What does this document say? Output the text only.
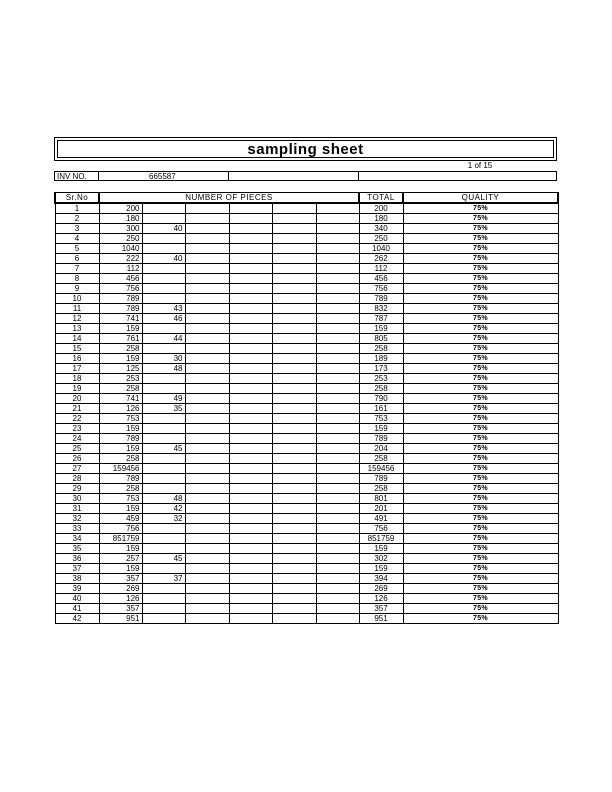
sampling sheet
1 of 15
INV NO.	665587
Sr.No	NUMBER OF PIECES						TOTAL	QUALITY
1	200						200	75%
2	180						180	75%
3	300	40					340	75%
4	250						250	75%
5	1040						1040	75%
6	222	40					262	75%
7	112						112	75%
8	456						456	75%
9	756						756	75%
10	789						789	75%
11	789	43					832	75%
12	741	46					787	75%
13	159						159	75%
14	761	44					805	75%
15	258						258	75%
16	159	30					189	75%
17	125	48					173	75%
18	253						253	75%
19	258						258	75%
20	741	49					790	75%
21	126	35					161	75%
22	753						753	75%
23	159						159	75%
24	789						789	75%
25	159	45					204	75%
26	258						258	75%
27	159456						159456	75%
28	789						789	75%
29	258						258	75%
30	753	48					801	75%
31	159	42					201	75%
32	459	32					491	75%
33	756						756	75%
34	851759						851759	75%
35	159						159	75%
36	257	45					302	75%
37	159						159	75%
38	357	37					394	75%
39	269						269	75%
40	126						126	75%
41	357						357	75%
42	951						951	75%
